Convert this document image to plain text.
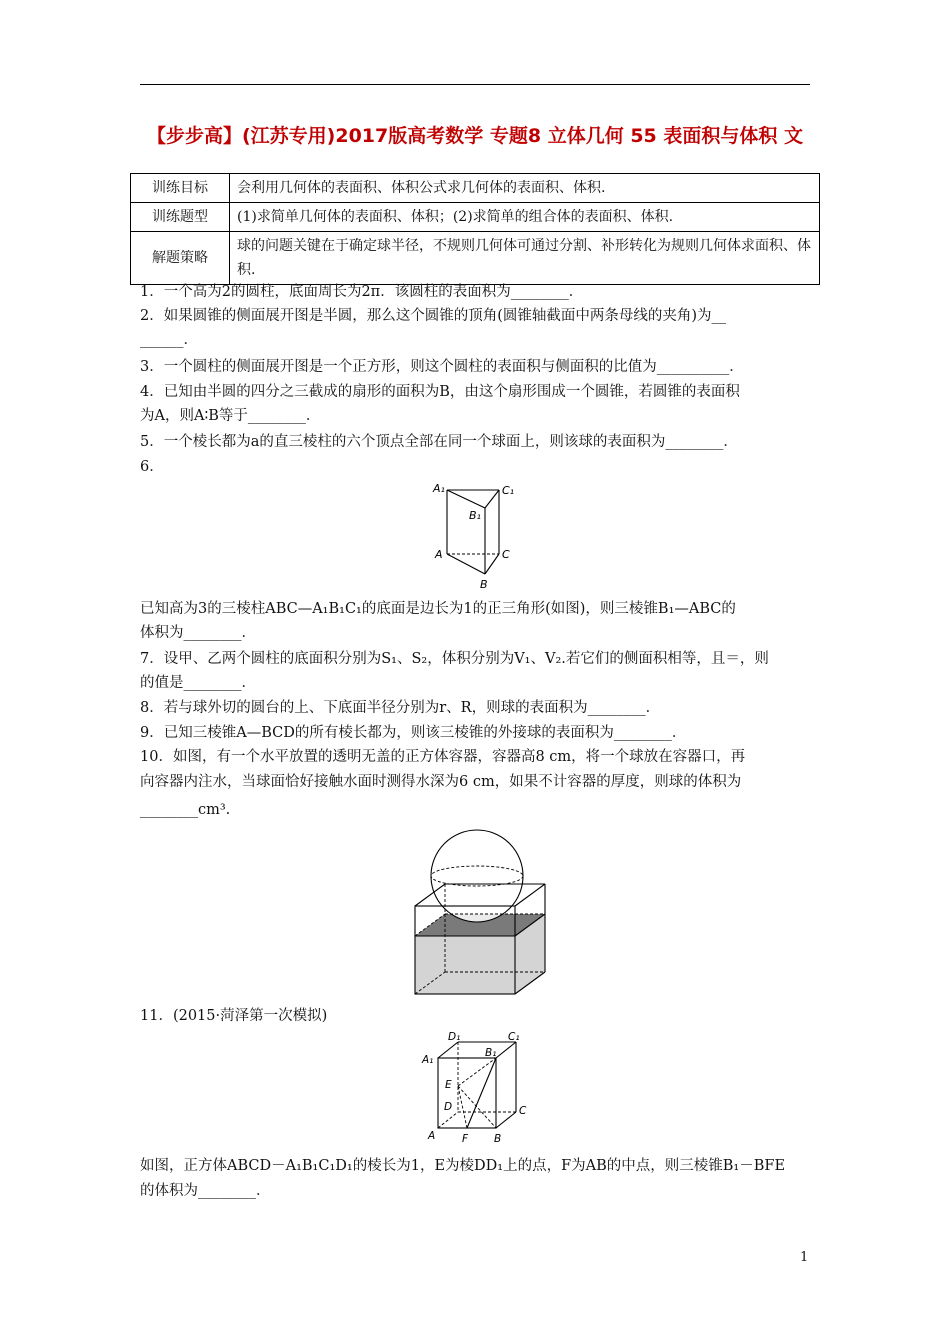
【步步高】(江苏专用)2017版高考数学 专题8 立体几何 55 表面积与体积 文
训练目标	会利用几何体的表面积、体积公式求几何体的表面积、体积.
训练题型	(1)求简单几何体的表面积、体积；(2)求简单的组合体的表面积、体积.
解题策略	球的问题关键在于确定球半径，不规则几何体可通过分割、补形转化为规则几何体求面积、体积.
1．一个高为2的圆柱，底面周长为2π．该圆柱的表面积为________．
2．如果圆锥的侧面展开图是半圆，那么这个圆锥的顶角(圆锥轴截面中两条母线的夹角)为__
______．
3．一个圆柱的侧面展开图是一个正方形，则这个圆柱的表面积与侧面积的比值为__________．
4．已知由半圆的四分之三截成的扇形的面积为B，由这个扇形围成一个圆锥，若圆锥的表面积
为A，则A∶B等于________．
5．一个棱长都为a的直三棱柱的六个顶点全部在同一个球面上，则该球的表面积为________．
6．
A₁	C₁
B₁
A	C
B
已知高为3的三棱柱ABC—A₁B₁C₁的底面是边长为1的正三角形(如图)，则三棱锥B₁—ABC的
体积为________．
7．设甲、乙两个圆柱的底面积分别为S₁、S₂，体积分别为V₁、V₂.若它们的侧面积相等，且＝，则
的值是________．
8．若与球外切的圆台的上、下底面半径分别为r、R，则球的表面积为________．
9．已知三棱锥A—BCD的所有棱长都为，则该三棱锥的外接球的表面积为________．
10．如图，有一个水平放置的透明无盖的正方体容器，容器高8 cm，将一个球放在容器口，再
向容器内注水，当球面恰好接触水面时测得水深为6 cm，如果不计容器的厚度，则球的体积为
________cm³.
11．(2015·菏泽第一次模拟)
D₁	C₁
A₁
B₁
E
D	C
A	F B
如图，正方体ABCD－A₁B₁C₁D₁的棱长为1，E为棱DD₁上的点，F为AB的中点，则三棱锥B₁－BFE
的体积为________．
1
